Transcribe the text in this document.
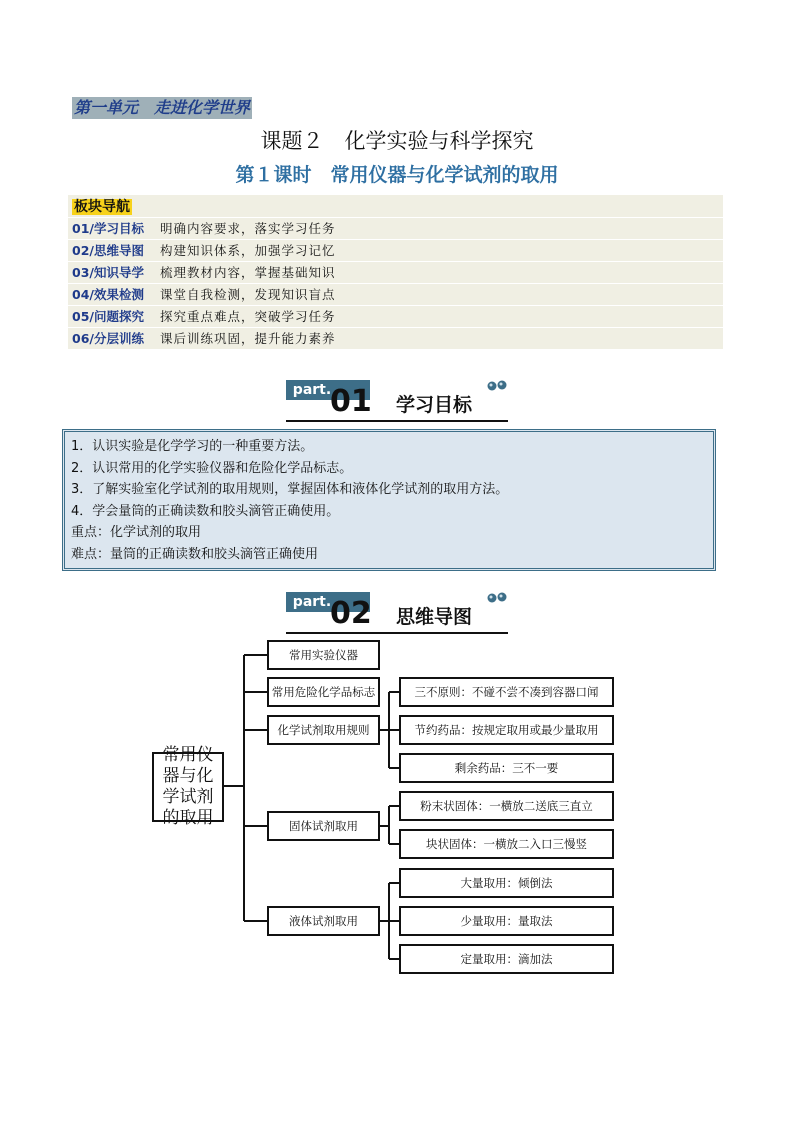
第一单元　走进化学世界
课题２　化学实验与科学探究
第１课时　常用仪器与化学试剂的取用
板块导航
01/学习目标	明确内容要求，落实学习任务
02/思维导图	构建知识体系，加强学习记忆
03/知识导学	梳理教材内容，掌握基础知识
04/效果检测	课堂自我检测，发现知识盲点
05/问题探究	探究重点难点，突破学习任务
06/分层训练	课后训练巩固，提升能力素养
part.
01 学习目标
1．认识实验是化学学习的一种重要方法。
2．认识常用的化学实验仪器和危险化学品标志。
3．了解实验室化学试剂的取用规则，掌握固体和液体化学试剂的取用方法。
4．学会量筒的正确读数和胶头滴管正确使用。
重点：化学试剂的取用
难点：量筒的正确读数和胶头滴管正确使用
part.
02 思维导图
常用仪器与化学试剂的取用
常用实验仪器
常用危险化学品标志
化学试剂取用规则
固体试剂取用
液体试剂取用
三不原则：不碰不尝不凑到容器口闻
节约药品：按规定取用或最少量取用
剩余药品：三不一要
粉末状固体：一横放二送底三直立
块状固体：一横放二入口三慢竖
大量取用：倾倒法
少量取用：量取法
定量取用：滴加法
